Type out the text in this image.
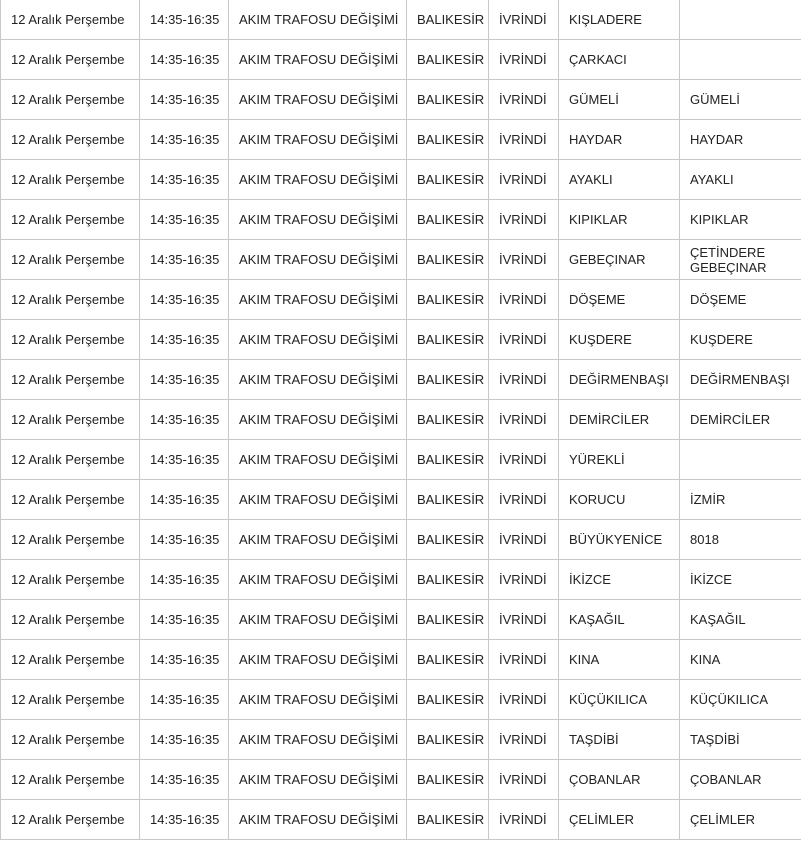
12 Aralık Perşembe	14:35-16:35	AKIM TRAFOSU DEĞİŞİMİ	BALIKESİR	İVRİNDİ	KIŞLADERE	
12 Aralık Perşembe	14:35-16:35	AKIM TRAFOSU DEĞİŞİMİ	BALIKESİR	İVRİNDİ	ÇARKACI	
12 Aralık Perşembe	14:35-16:35	AKIM TRAFOSU DEĞİŞİMİ	BALIKESİR	İVRİNDİ	GÜMELİ	GÜMELİ
12 Aralık Perşembe	14:35-16:35	AKIM TRAFOSU DEĞİŞİMİ	BALIKESİR	İVRİNDİ	HAYDAR	HAYDAR
12 Aralık Perşembe	14:35-16:35	AKIM TRAFOSU DEĞİŞİMİ	BALIKESİR	İVRİNDİ	AYAKLI	AYAKLI
12 Aralık Perşembe	14:35-16:35	AKIM TRAFOSU DEĞİŞİMİ	BALIKESİR	İVRİNDİ	KIPIKLAR	KIPIKLAR
12 Aralık Perşembe	14:35-16:35	AKIM TRAFOSU DEĞİŞİMİ	BALIKESİR	İVRİNDİ	GEBEÇINAR	ÇETİNDERE GEBEÇINAR
12 Aralık Perşembe	14:35-16:35	AKIM TRAFOSU DEĞİŞİMİ	BALIKESİR	İVRİNDİ	DÖŞEME	DÖŞEME
12 Aralık Perşembe	14:35-16:35	AKIM TRAFOSU DEĞİŞİMİ	BALIKESİR	İVRİNDİ	KUŞDERE	KUŞDERE
12 Aralık Perşembe	14:35-16:35	AKIM TRAFOSU DEĞİŞİMİ	BALIKESİR	İVRİNDİ	DEĞİRMENBAŞI	DEĞİRMENBAŞI
12 Aralık Perşembe	14:35-16:35	AKIM TRAFOSU DEĞİŞİMİ	BALIKESİR	İVRİNDİ	DEMİRCİLER	DEMİRCİLER
12 Aralık Perşembe	14:35-16:35	AKIM TRAFOSU DEĞİŞİMİ	BALIKESİR	İVRİNDİ	YÜREKLİ	
12 Aralık Perşembe	14:35-16:35	AKIM TRAFOSU DEĞİŞİMİ	BALIKESİR	İVRİNDİ	KORUCU	İZMİR
12 Aralık Perşembe	14:35-16:35	AKIM TRAFOSU DEĞİŞİMİ	BALIKESİR	İVRİNDİ	BÜYÜKYENİCE	8018
12 Aralık Perşembe	14:35-16:35	AKIM TRAFOSU DEĞİŞİMİ	BALIKESİR	İVRİNDİ	İKİZCE	İKİZCE
12 Aralık Perşembe	14:35-16:35	AKIM TRAFOSU DEĞİŞİMİ	BALIKESİR	İVRİNDİ	KAŞAĞIL	KAŞAĞIL
12 Aralık Perşembe	14:35-16:35	AKIM TRAFOSU DEĞİŞİMİ	BALIKESİR	İVRİNDİ	KINA	KINA
12 Aralık Perşembe	14:35-16:35	AKIM TRAFOSU DEĞİŞİMİ	BALIKESİR	İVRİNDİ	KÜÇÜKILICA	KÜÇÜKILICA
12 Aralık Perşembe	14:35-16:35	AKIM TRAFOSU DEĞİŞİMİ	BALIKESİR	İVRİNDİ	TAŞDİBİ	TAŞDİBİ
12 Aralık Perşembe	14:35-16:35	AKIM TRAFOSU DEĞİŞİMİ	BALIKESİR	İVRİNDİ	ÇOBANLAR	ÇOBANLAR
12 Aralık Perşembe	14:35-16:35	AKIM TRAFOSU DEĞİŞİMİ	BALIKESİR	İVRİNDİ	ÇELİMLER	ÇELİMLER
